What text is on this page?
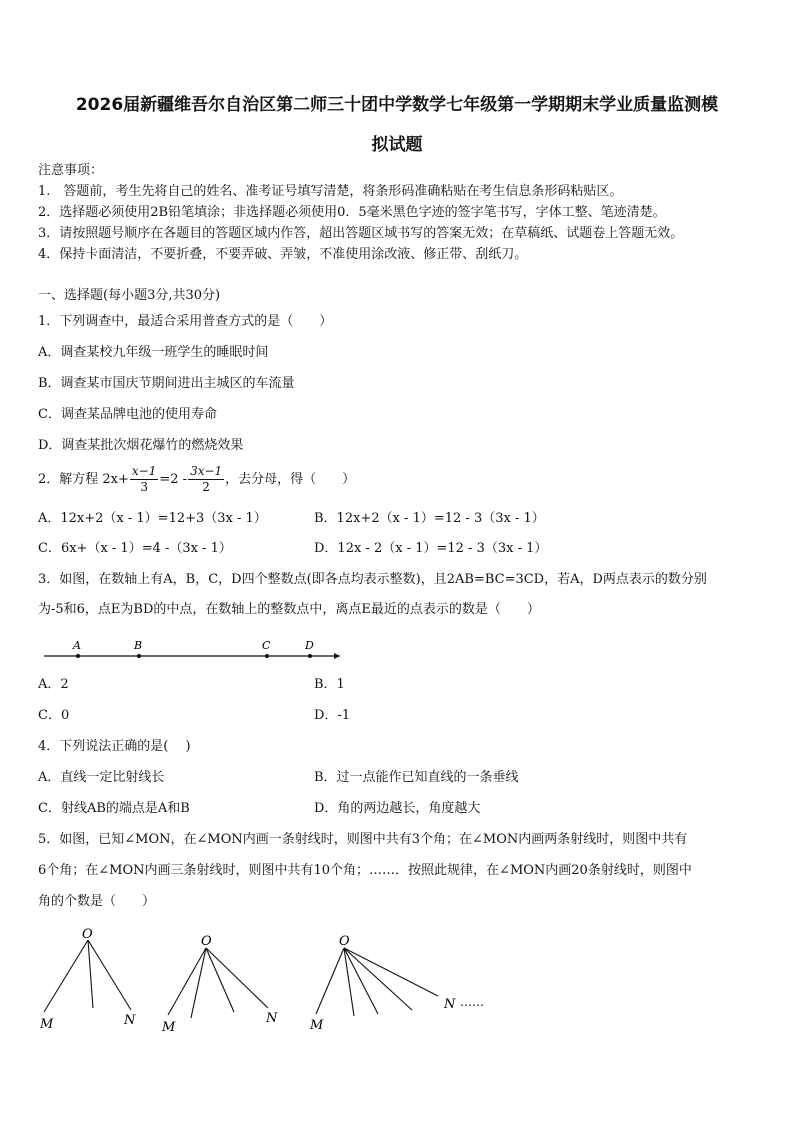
2026届新疆维吾尔自治区第二师三十团中学数学七年级第一学期期末学业质量监测模
拟试题
注意事项：
1.　答题前，考生先将自己的姓名、准考证号填写清楚，将条形码准确粘贴在考生信息条形码粘贴区。
2．选择题必须使用2B铅笔填涂；非选择题必须使用0．5毫米黑色字迹的签字笔书写，字体工整、笔迹清楚。
3．请按照题号顺序在各题目的答题区域内作答，超出答题区域书写的答案无效；在草稿纸、试题卷上答题无效。
4．保持卡面清洁，不要折叠，不要弄破、弄皱，不准使用涂改液、修正带、刮纸刀。
一、选择题(每小题3分,共30分)
1．下列调查中，最适合采用普查方式的是（　　）
A．调查某校九年级一班学生的睡眠时间
B．调查某市国庆节期间进出主城区的车流量
C．调查某品牌电池的使用寿命
D．调查某批次烟花爆竹的燃烧效果
2．解方程 $2x+ \frac{x-1}{3} =2 - \frac{3x-1}{2}$ ，去分母，得（　　）
A．12x+2（x - 1）=12+3（3x - 1）	B．12x+2（x - 1）=12 - 3（3x - 1）
C．6x+（x - 1）=4 -（3x - 1）	D．12x - 2（x - 1）=12 - 3（3x - 1）
3．如图，在数轴上有A，B，C，D四个整数点(即各点均表示整数)，且2AB=BC=3CD，若A，D两点表示的数分别
为-5和6，点E为BD的中点，在数轴上的整数点中，离点E最近的点表示的数是（　　）
A	B	C	D
A．2	B．1
C．0	D．-1
4．下列说法正确的是(　 )
A．直线一定比射线长	B．过一点能作已知直线的一条垂线
C．射线AB的端点是A和B	D．角的两边越长，角度越大
5．如图，已知∠MON，在∠MON内画一条射线时，则图中共有3个角；在∠MON内画两条射线时，则图中共有
6个角；在∠MON内画三条射线时，则图中共有10个角；……．按照此规律，在∠MON内画20条射线时，则图中
角的个数是（　　）
O
M	N
O
M
N
O
M
N ……
